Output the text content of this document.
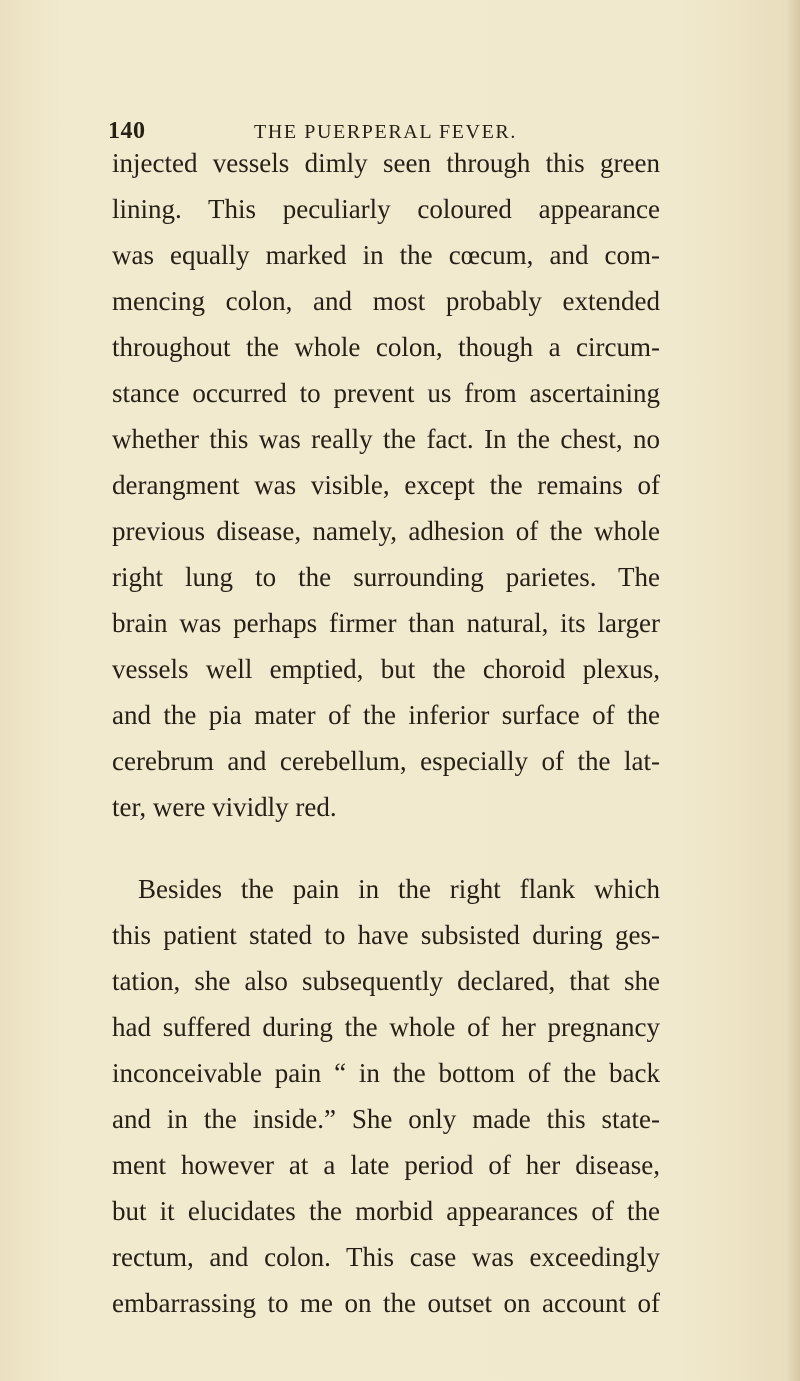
140	THE PUERPERAL FEVER.
injected vessels dimly seen through this green
lining. This peculiarly coloured appearance
was equally marked in the cœcum, and com-
mencing colon, and most probably extended
throughout the whole colon, though a circum-
stance occurred to prevent us from ascertaining
whether this was really the fact. In the chest, no
derangment was visible, except the remains of
previous disease, namely, adhesion of the whole
right lung to the surrounding parietes. The
brain was perhaps firmer than natural, its larger
vessels well emptied, but the choroid plexus,
and the pia mater of the inferior surface of the
cerebrum and cerebellum, especially of the lat-
ter, were vividly red.
Besides the pain in the right flank which
this patient stated to have subsisted during ges-
tation, she also subsequently declared, that she
had suffered during the whole of her pregnancy
inconceivable pain “ in the bottom of the back
and in the inside.” She only made this state-
ment however at a late period of her disease,
but it elucidates the morbid appearances of the
rectum, and colon. This case was exceedingly
embarrassing to me on the outset on account of
